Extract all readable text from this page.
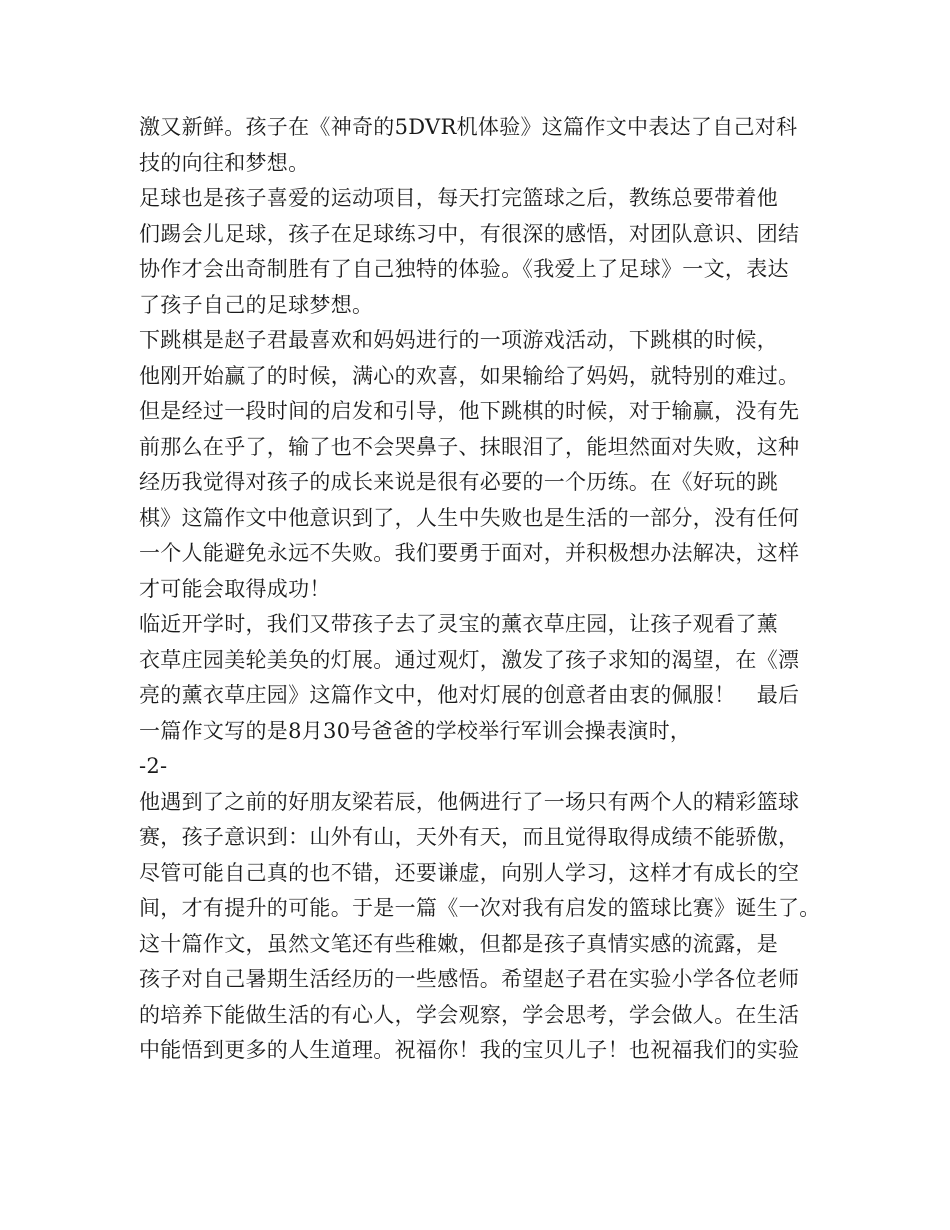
激又新鲜。孩子在《神奇的5DVR机体验》这篇作文中表达了自己对科
技的向往和梦想。
足球也是孩子喜爱的运动项目，每天打完篮球之后，教练总要带着他
们踢会儿足球，孩子在足球练习中，有很深的感悟，对团队意识、团结
协作才会出奇制胜有了自己独特的体验。《我爱上了足球》一文，表达
了孩子自己的足球梦想。
下跳棋是赵子君最喜欢和妈妈进行的一项游戏活动，下跳棋的时候，
他刚开始赢了的时候，满心的欢喜，如果输给了妈妈，就特别的难过。
但是经过一段时间的启发和引导，他下跳棋的时候，对于输赢，没有先
前那么在乎了，输了也不会哭鼻子、抹眼泪了，能坦然面对失败，这种
经历我觉得对孩子的成长来说是很有必要的一个历练。在《好玩的跳
棋》这篇作文中他意识到了，人生中失败也是生活的一部分，没有任何
一个人能避免永远不失败。我们要勇于面对，并积极想办法解决，这样
才可能会取得成功！
临近开学时，我们又带孩子去了灵宝的薰衣草庄园，让孩子观看了薰
衣草庄园美轮美奂的灯展。通过观灯，激发了孩子求知的渴望，在《漂
亮的薰衣草庄园》这篇作文中，他对灯展的创意者由衷的佩服！　最后
一篇作文写的是8月30号爸爸的学校举行军训会操表演时，
-2-
他遇到了之前的好朋友梁若辰，他俩进行了一场只有两个人的精彩篮球
赛，孩子意识到：山外有山，天外有天，而且觉得取得成绩不能骄傲，
尽管可能自己真的也不错，还要谦虚，向别人学习，这样才有成长的空
间，才有提升的可能。于是一篇《一次对我有启发的篮球比赛》诞生了。
这十篇作文，虽然文笔还有些稚嫩，但都是孩子真情实感的流露，是
孩子对自己暑期生活经历的一些感悟。希望赵子君在实验小学各位老师
的培养下能做生活的有心人，学会观察，学会思考，学会做人。在生活
中能悟到更多的人生道理。祝福你！我的宝贝儿子！也祝福我们的实验
